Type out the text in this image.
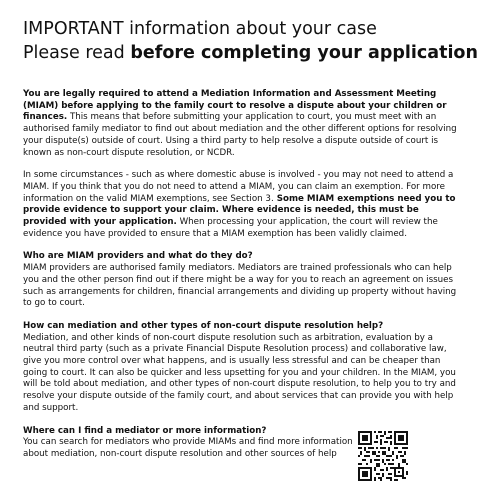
IMPORTANT information about your case
Please read before completing your application

You are legally required to attend a Mediation Information and Assessment Meeting (MIAM) before applying to the family court to resolve a dispute about your children or finances. This means that before submitting your application to court, you must meet with an authorised family mediator to find out about mediation and the other different options for resolving your dispute(s) outside of court. Using a third party to help resolve a dispute outside of court is known as non-court dispute resolution, or NCDR.

In some circumstances - such as where domestic abuse is involved - you may not need to attend a MIAM. If you think that you do not need to attend a MIAM, you can claim an exemption. For more information on the valid MIAM exemptions, see Section 3. Some MIAM exemptions need you to provide evidence to support your claim. Where evidence is needed, this must be provided with your application. When processing your application, the court will review the evidence you have provided to ensure that a MIAM exemption has been validly claimed.

Who are MIAM providers and what do they do?

MIAM providers are authorised family mediators. Mediators are trained professionals who can help you and the other person find out if there might be a way for you to reach an agreement on issues such as arrangements for children, financial arrangements and dividing up property without having to go to court.

How can mediation and other types of non-court dispute resolution help?

Mediation, and other kinds of non-court dispute resolution such as arbitration, evaluation by a neutral third party (such as a private Financial Dispute Resolution process) and collaborative law, give you more control over what happens, and is usually less stressful and can be cheaper than going to court. It can also be quicker and less upsetting for you and your children. In the MIAM, you will be told about mediation, and other types of non-court dispute resolution, to help you to try and resolve your dispute outside of the family court, and about services that can provide you with help and support.

Where can I find a mediator or more information?

You can search for mediators who provide MIAMs and find more information about mediation, non-court dispute resolution and other sources of help
